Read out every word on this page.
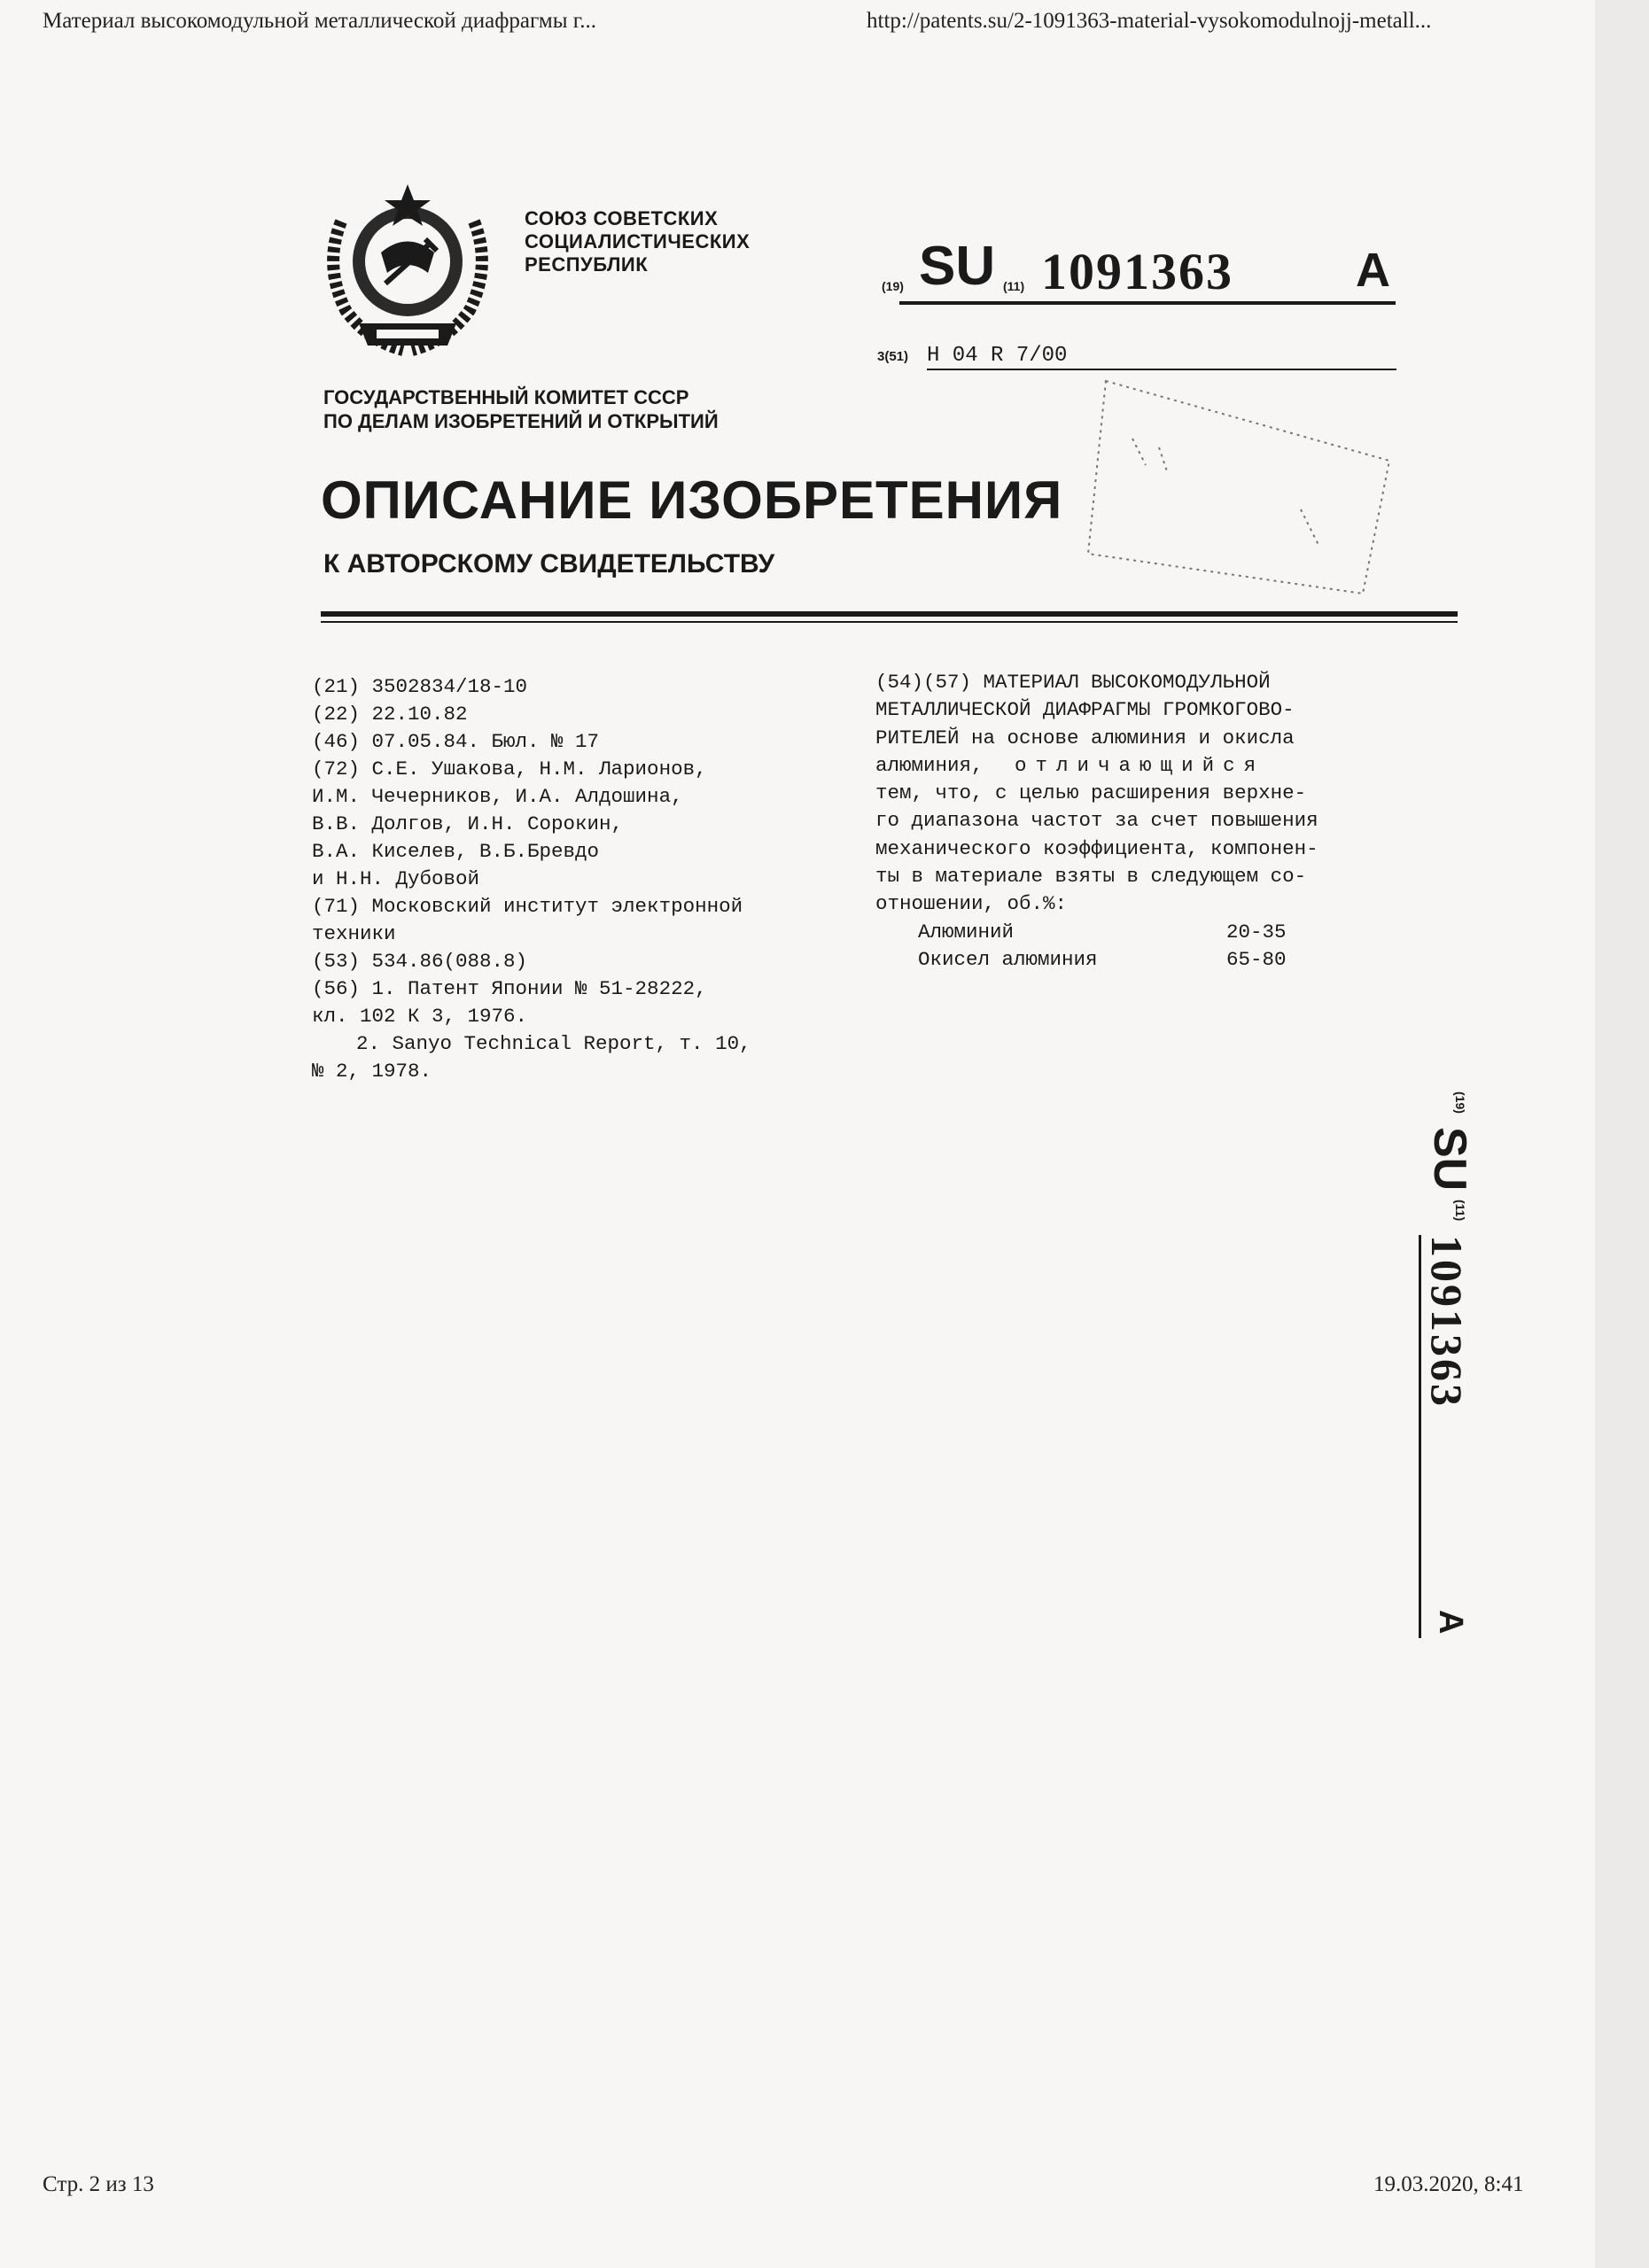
Материал высокомодульной металлической диафрагмы г...	http://patents.su/2-1091363-material-vysokomodulnojj-metall...
СОЮЗ СОВЕТСКИХ
СОЦИАЛИСТИЧЕСКИХ
РЕСПУБЛИК
(19) SU (11) 1091363	A
3(51) H 04 R 7/00
ГОСУДАРСТВЕННЫЙ КОМИТЕТ СССР
ПО ДЕЛАМ ИЗОБРЕТЕНИЙ И ОТКРЫТИЙ
ОПИСАНИЕ ИЗОБРЕТЕНИЯ
К АВТОРСКОМУ СВИДЕТЕЛЬСТВУ
(21) 3502834/18-10
(22) 22.10.82
(46) 07.05.84. Бюл. № 17
(72) С.Е. Ушакова, Н.М. Ларионов,
И.М. Чечерников, И.А. Алдошина,
В.В. Долгов, И.Н. Сорокин,
В.А. Киселев, В.Б.Бревдо
и Н.Н. Дубовой
(71) Московский институт электронной
техники
(53) 534.86(088.8)
(56) 1. Патент Японии № 51-28222,
кл. 102 К 3, 1976.
2. Sanyo Technical Report, т. 10,
№ 2, 1978.
(54)(57) МАТЕРИАЛ ВЫСОКОМОДУЛЬНОЙ
МЕТАЛЛИЧЕСКОЙ ДИАФРАГМЫ ГРОМКОГОВО-
РИТЕЛЕЙ на основе алюминия и окисла
алюминия, отличающийся
тем, что, с целью расширения верхне-
го диапазона частот за счет повышения
механического коэффициента, компонен-
ты в материале взяты в следующем со-
отношении, об.%:
Алюминий	20-35
Окисел алюминия	65-80
(19)
SU
(11)
1091363
A
Стр. 2 из 13	19.03.2020, 8:41
